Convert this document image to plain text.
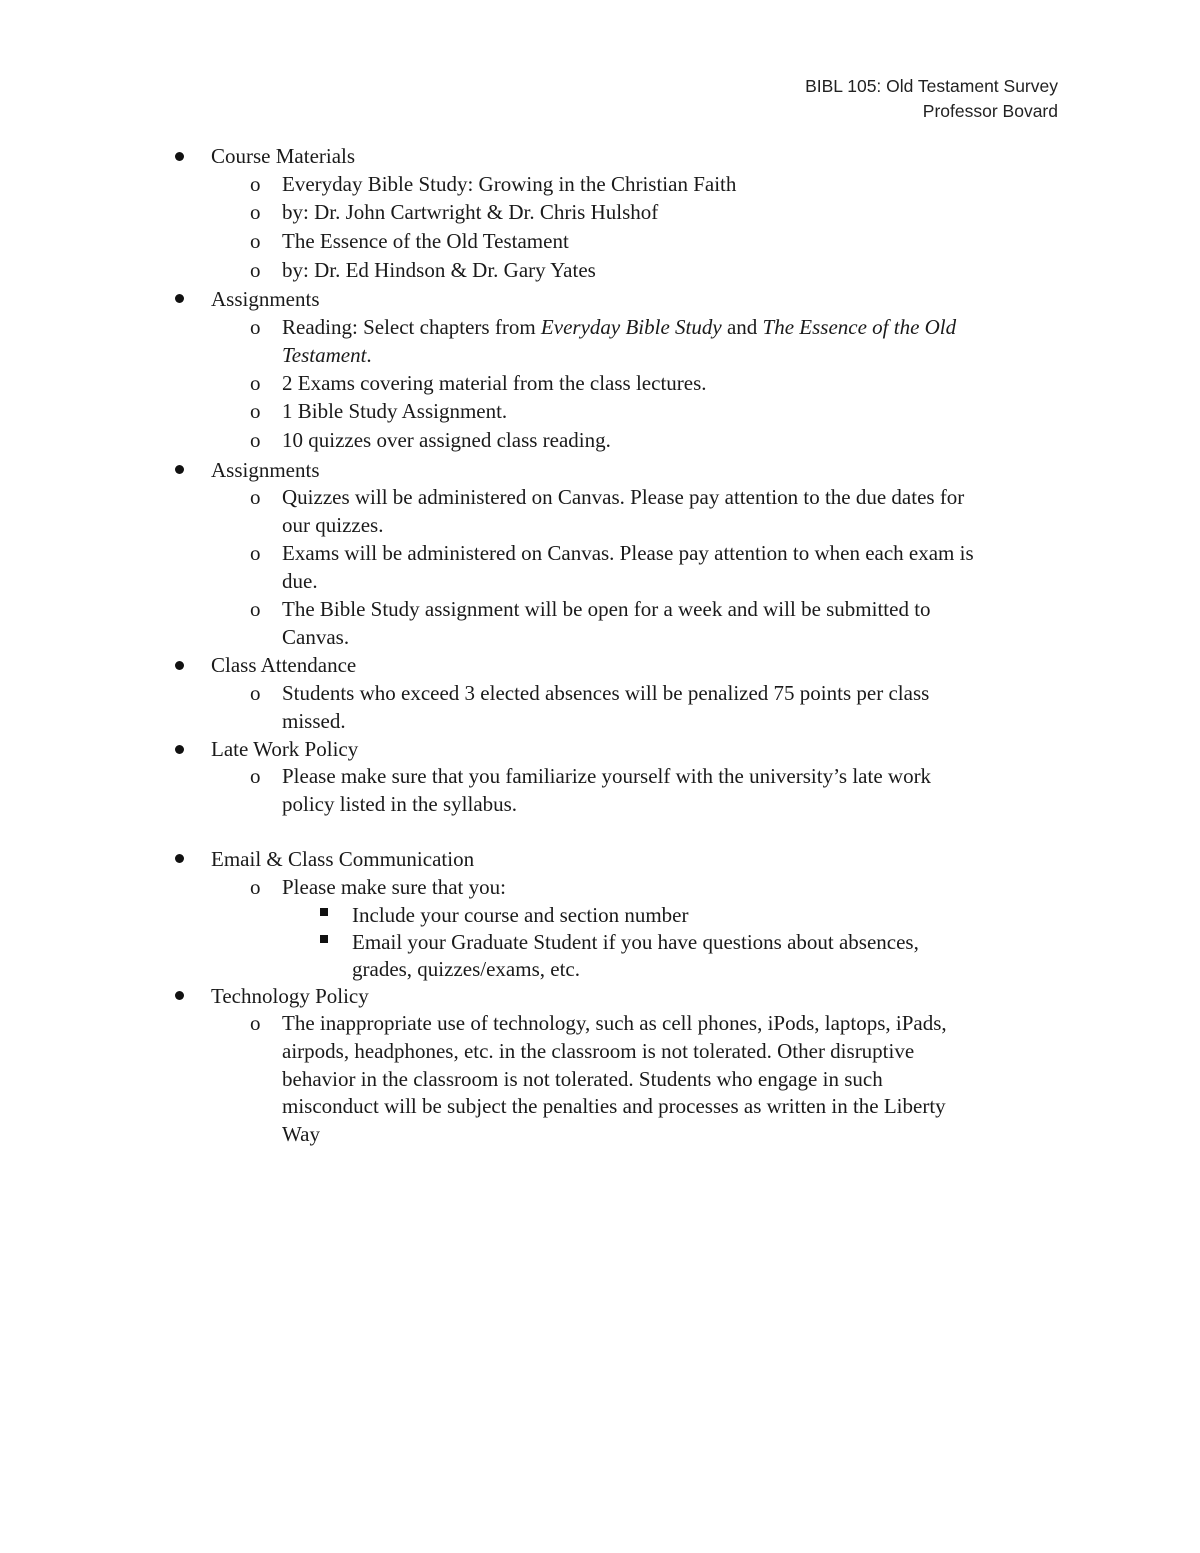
BIBL 105: Old Testament Survey
Professor Bovard
Course Materials
o Everyday Bible Study: Growing in the Christian Faith
o by: Dr. John Cartwright & Dr. Chris Hulshof
o The Essence of the Old Testament
o by: Dr. Ed Hindson & Dr. Gary Yates
Assignments
o Reading: Select chapters from Everyday Bible Study and The Essence of the Old
Testament.
o 2 Exams covering material from the class lectures.
o 1 Bible Study Assignment.
o 10 quizzes over assigned class reading.
Assignments
o Quizzes will be administered on Canvas. Please pay attention to the due dates for
our quizzes.
o Exams will be administered on Canvas. Please pay attention to when each exam is
due.
o The Bible Study assignment will be open for a week and will be submitted to
Canvas.
Class Attendance
o Students who exceed 3 elected absences will be penalized 75 points per class
missed.
Late Work Policy
o Please make sure that you familiarize yourself with the university’s late work
policy listed in the syllabus.
Email & Class Communication
o Please make sure that you:
Include your course and section number
Email your Graduate Student if you have questions about absences,
grades, quizzes/exams, etc.
Technology Policy
o The inappropriate use of technology, such as cell phones, iPods, laptops, iPads,
airpods, headphones, etc. in the classroom is not tolerated. Other disruptive
behavior in the classroom is not tolerated. Students who engage in such
misconduct will be subject the penalties and processes as written in the Liberty
Way
